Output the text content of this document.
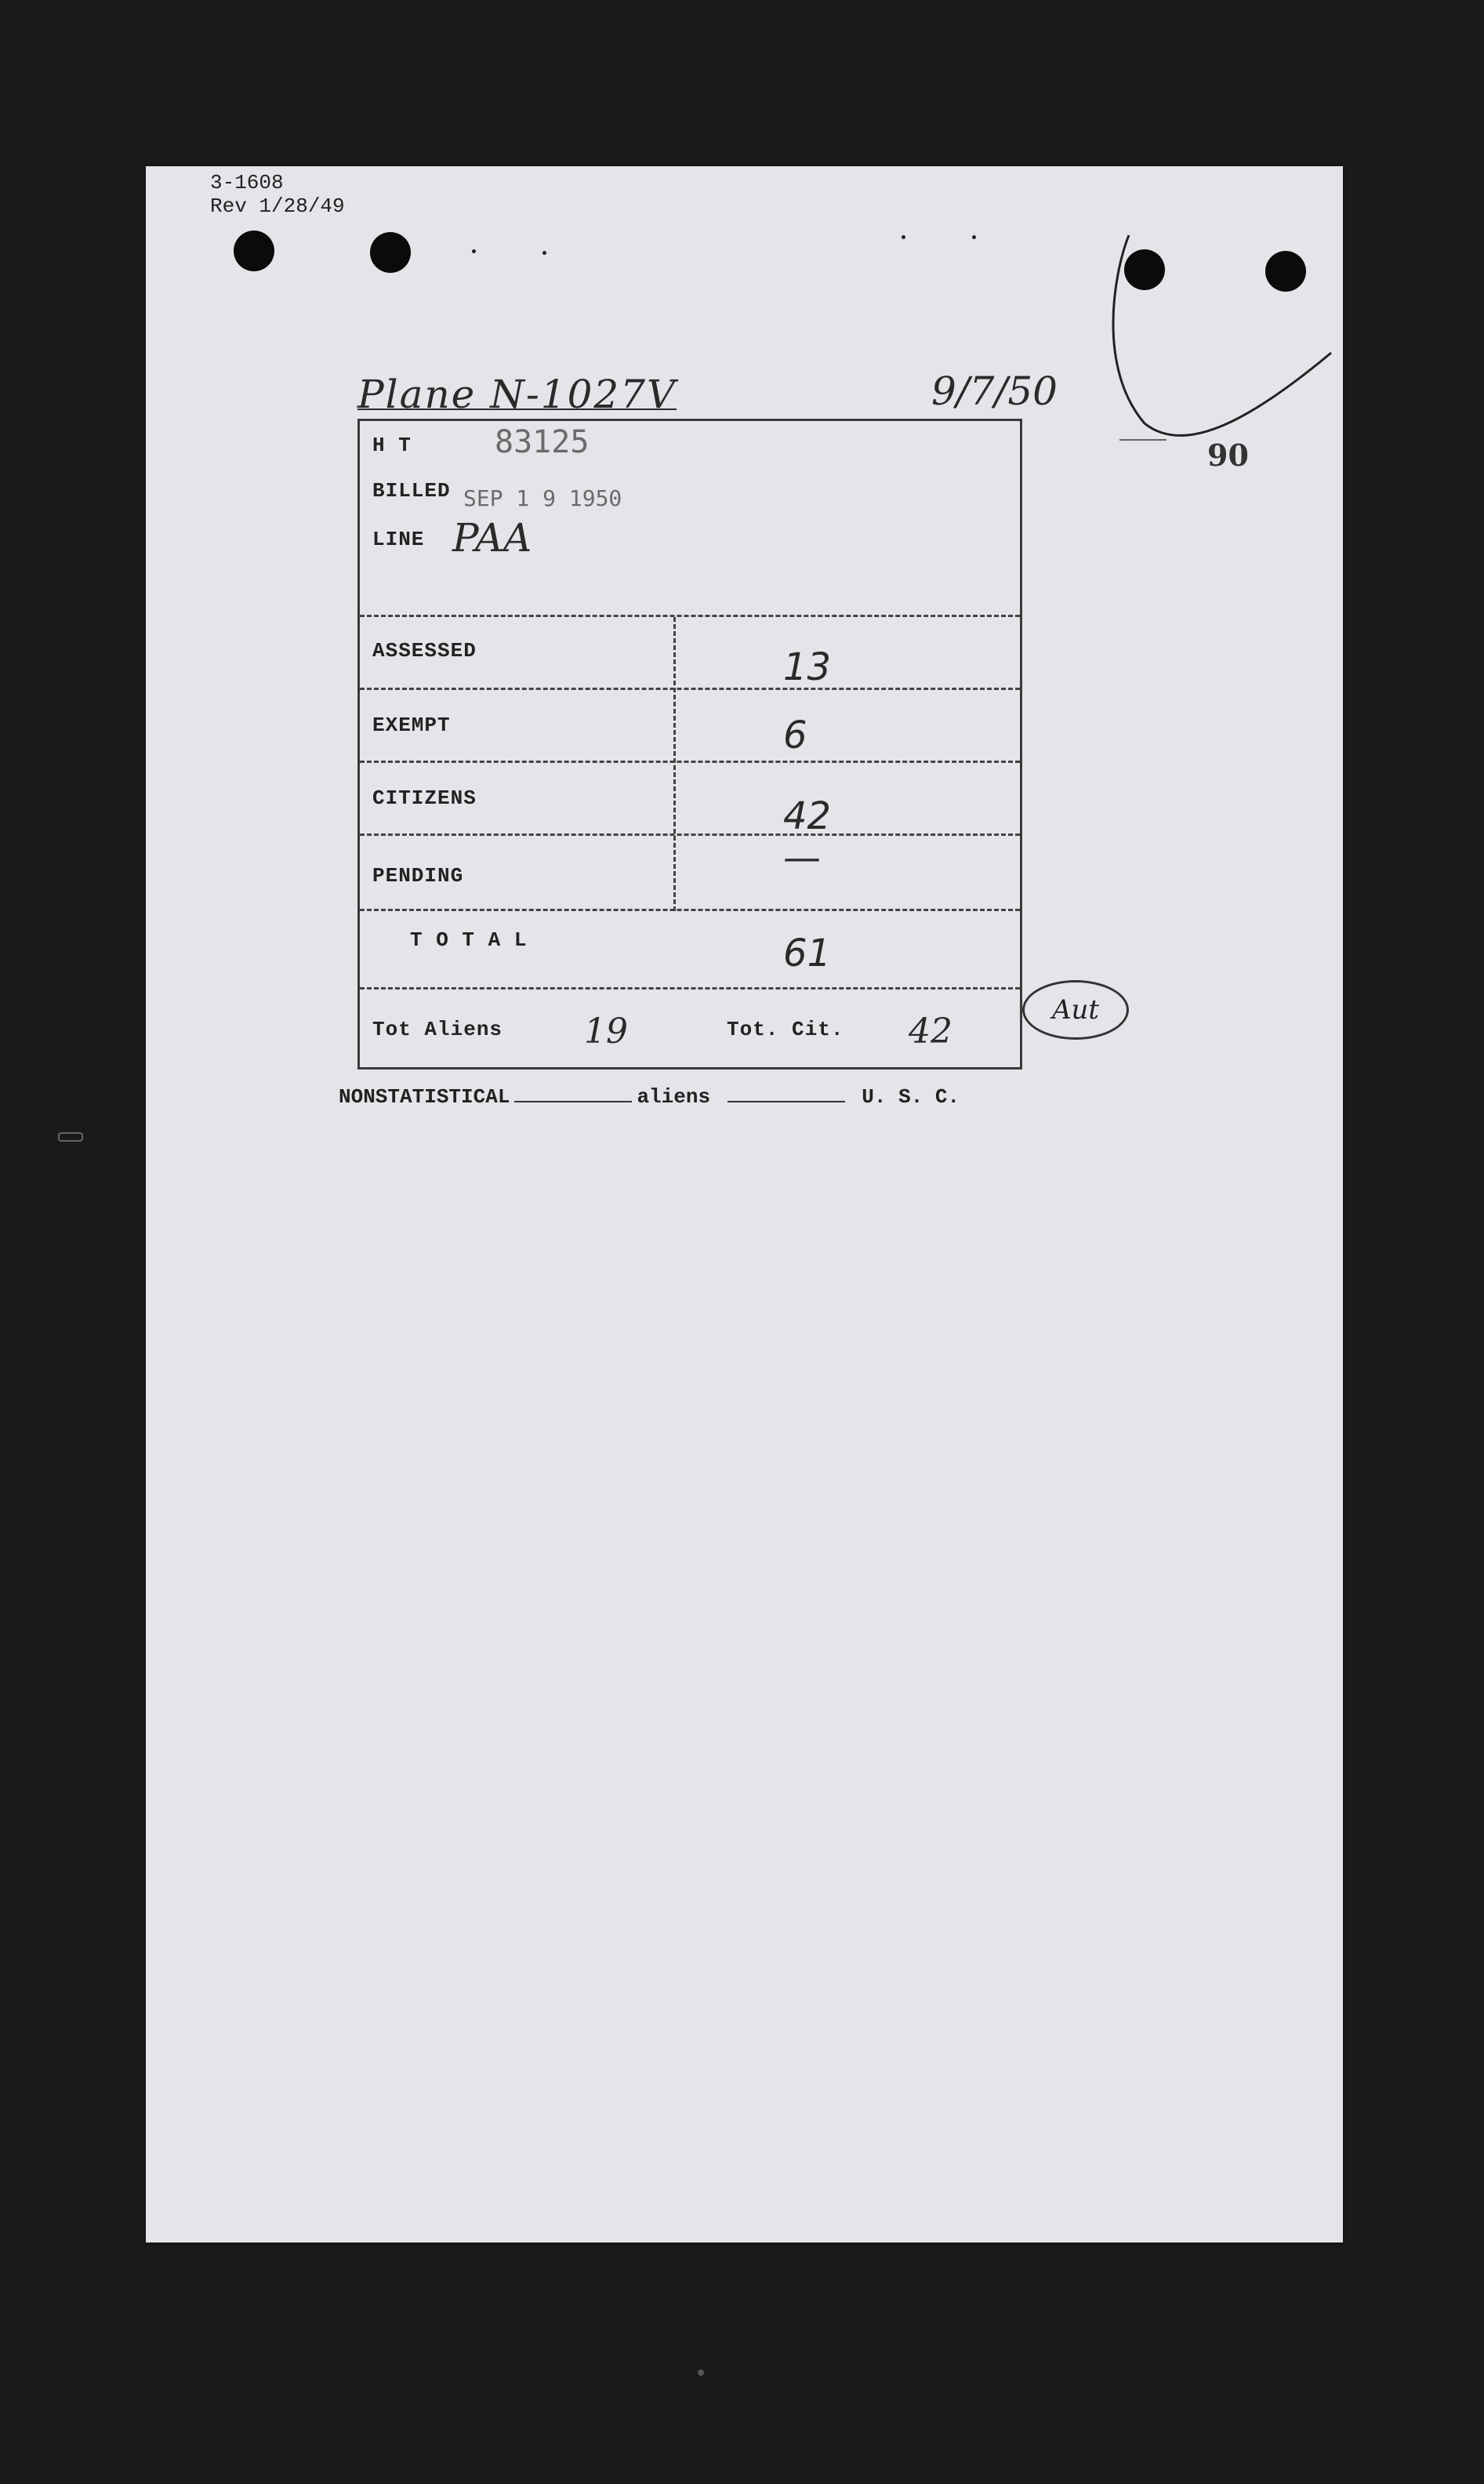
3-1608
Rev 1/28/49
Plane N-1027V	9/7/50
90
H T	83125
BILLED SEP 1 9 1950
LINE PAA
ASSESSED	13
EXEMPT	6
CITIZENS	42
PENDING	—
T O T A L	61
Tot Aliens 19	Tot. Cit. 42
Aut
NONSTATISTICAL	aliens	U. S. C.
